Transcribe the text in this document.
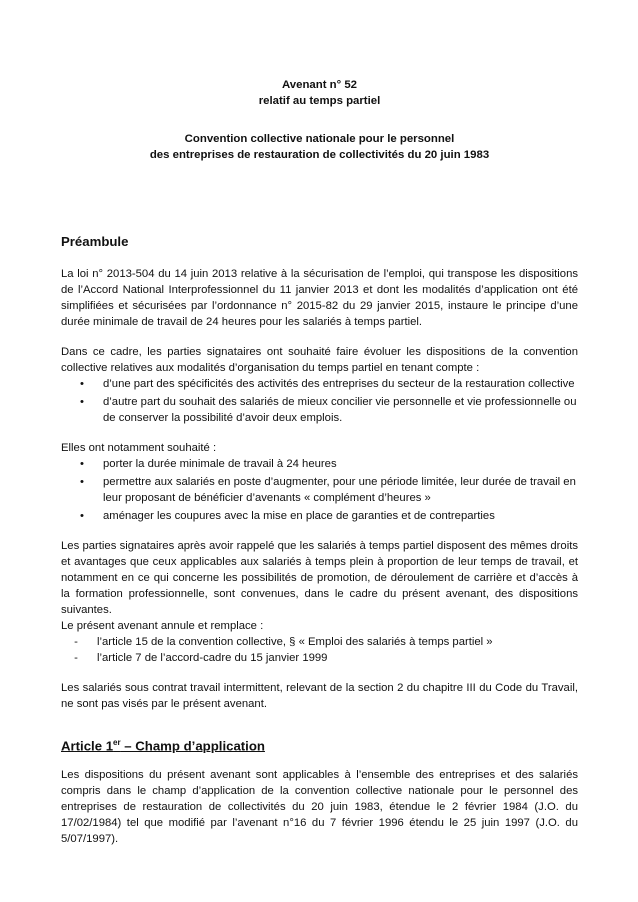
Avenant n° 52
relatif au temps partiel
Convention collective nationale pour le personnel
des entreprises de restauration de collectivités du 20 juin 1983
Préambule

La loi n° 2013-504 du 14 juin 2013 relative à la sécurisation de l’emploi, qui transpose les dispositions de l’Accord National Interprofessionnel du 11 janvier 2013 et dont les modalités d’application ont été simplifiées et sécurisées par l’ordonnance n° 2015-82 du 29 janvier 2015, instaure le principe d’une durée minimale de travail de 24 heures pour les salariés à temps partiel.

Dans ce cadre, les parties signataires ont souhaité faire évoluer les dispositions de la convention collective relatives aux modalités d’organisation du temps partiel en tenant compte :

•	d’une part des spécificités des activités des entreprises du secteur de la restauration collective
•	d’autre part du souhait des salariés de mieux concilier vie personnelle et vie professionnelle ou de conserver la possibilité d’avoir deux emplois.

Elles ont notamment souhaité :

•	porter la durée minimale de travail à 24 heures
•	permettre aux salariés en poste d’augmenter, pour une période limitée, leur durée de travail en leur proposant de bénéficier d’avenants « complément d’heures »
•	aménager les coupures avec la mise en place de garanties et de contreparties

Les parties signataires après avoir rappelé que les salariés à temps partiel disposent des mêmes droits et avantages que ceux applicables aux salariés à temps plein à proportion de leur temps de travail, et notamment en ce qui concerne les possibilités de promotion, de déroulement de carrière et d’accès à la formation professionnelle, sont convenues, dans le cadre du présent avenant, des dispositions suivantes.

Le présent avenant annule et remplace :

-	l’article 15 de la convention collective, § « Emploi des salariés à temps partiel »
-	l’article 7 de l’accord-cadre du 15 janvier 1999

Les salariés sous contrat travail intermittent, relevant de la section 2 du chapitre III du Code du Travail, ne sont pas visés par le présent avenant.

Article 1er – Champ d’application

Les dispositions du présent avenant sont applicables à l’ensemble des entreprises et des salariés compris dans le champ d’application de la convention collective nationale pour le personnel des entreprises de restauration de collectivités du 20 juin 1983, étendue le 2 février 1984 (J.O. du 17/02/1984) tel que modifié par l’avenant n°16 du 7 février 1996 étendu le 25 juin 1997 (J.O. du 5/07/1997).
